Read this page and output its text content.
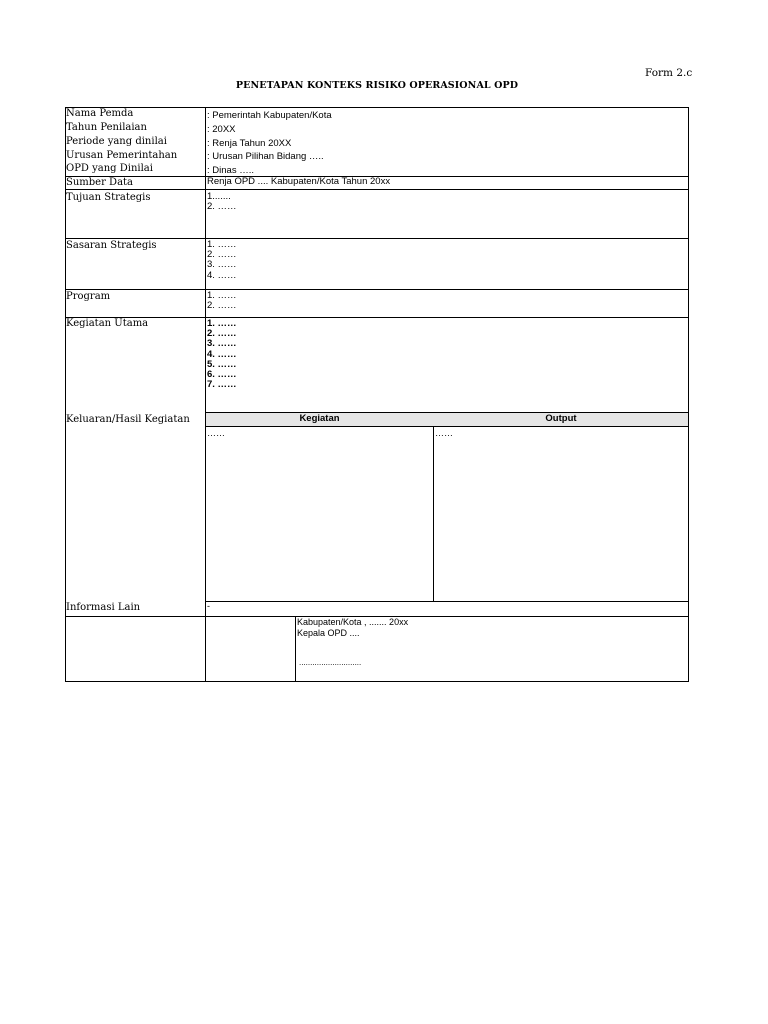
Form 2.c
PENETAPAN KONTEKS RISIKO OPERASIONAL OPD
Nama Pemda	: Pemerintah Kabupaten/Kota
Tahun Penilaian	: 20XX
Periode yang dinilai	: Renja Tahun 20XX
Urusan Pemerintahan	: Urusan Pilihan Bidang …..
OPD yang Dinilai	: Dinas …..
Sumber Data	Renja OPD .... Kabupaten/Kota Tahun 20xx
Tujuan Strategis	1.......
2. ……
Sasaran Strategis	1. ……
2. ……
3. ……
4. ……
Program	1. ……
2. ……
Kegiatan Utama	1. ……
2. ……
3. ……
4. ……
5. ……
6. ……
7. ……
Keluaran/Hasil Kegiatan	Kegiatan	Output
……	……
Informasi Lain	-
Kabupaten/Kota , ....... 20xx
Kepala OPD ....
............................
